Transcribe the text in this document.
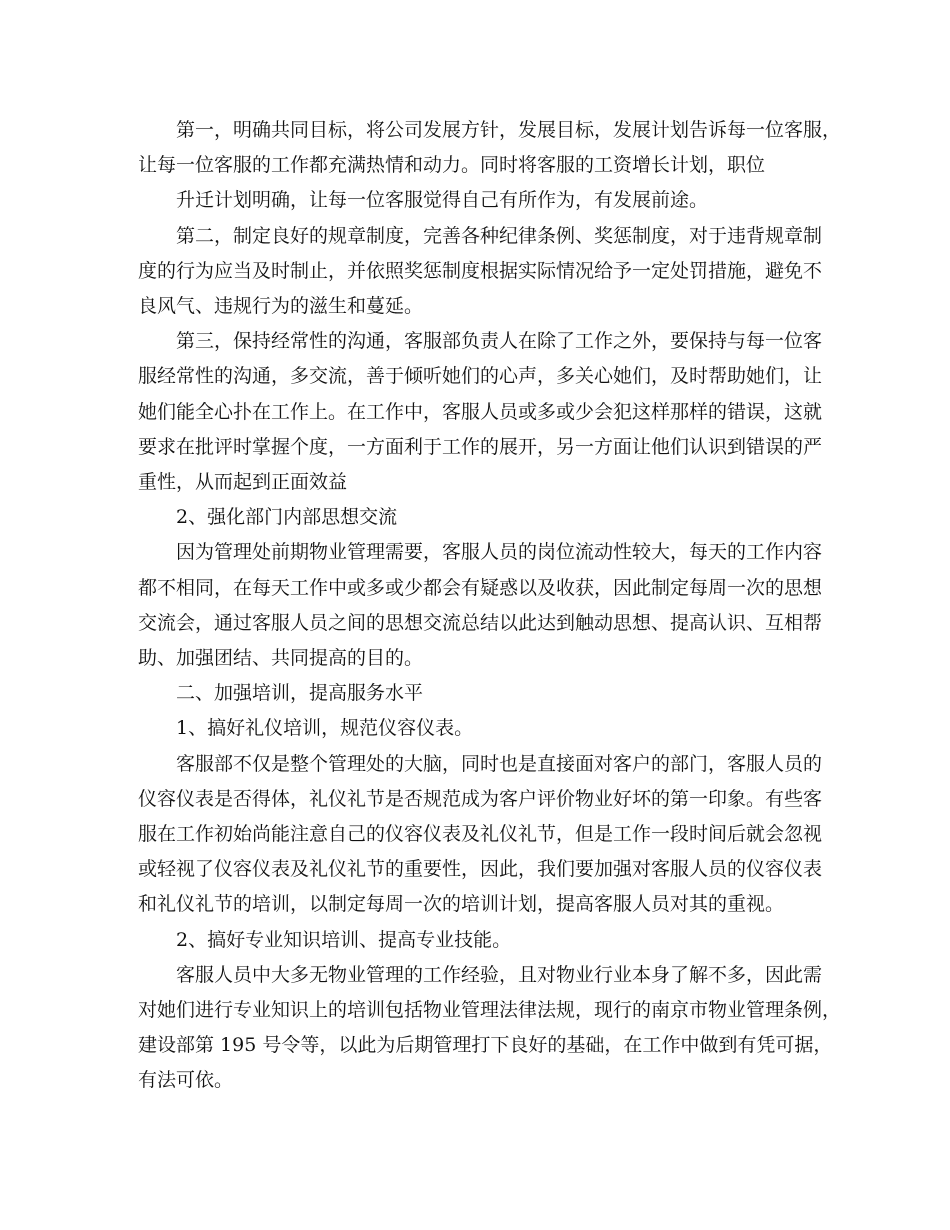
第一，明确共同目标，将公司发展方针，发展目标，发展计划告诉每一位客服，
让每一位客服的工作都充满热情和动力。同时将客服的工资增长计划，职位
升迁计划明确，让每一位客服觉得自己有所作为，有发展前途。
第二，制定良好的规章制度，完善各种纪律条例、奖惩制度，对于违背规章制
度的行为应当及时制止，并依照奖惩制度根据实际情况给予一定处罚措施，避免不
良风气、违规行为的滋生和蔓延。
第三，保持经常性的沟通，客服部负责人在除了工作之外，要保持与每一位客
服经常性的沟通，多交流，善于倾听她们的心声，多关心她们，及时帮助她们，让
她们能全心扑在工作上。在工作中，客服人员或多或少会犯这样那样的错误，这就
要求在批评时掌握个度，一方面利于工作的展开，另一方面让他们认识到错误的严
重性，从而起到正面效益
2、强化部门内部思想交流
因为管理处前期物业管理需要，客服人员的岗位流动性较大，每天的工作内容
都不相同，在每天工作中或多或少都会有疑惑以及收获，因此制定每周一次的思想
交流会，通过客服人员之间的思想交流总结以此达到触动思想、提高认识、互相帮
助、加强团结、共同提高的目的。
二、加强培训，提高服务水平
1、搞好礼仪培训，规范仪容仪表。
客服部不仅是整个管理处的大脑，同时也是直接面对客户的部门，客服人员的
仪容仪表是否得体，礼仪礼节是否规范成为客户评价物业好坏的第一印象。有些客
服在工作初始尚能注意自己的仪容仪表及礼仪礼节，但是工作一段时间后就会忽视
或轻视了仪容仪表及礼仪礼节的重要性，因此，我们要加强对客服人员的仪容仪表
和礼仪礼节的培训，以制定每周一次的培训计划，提高客服人员对其的重视。
2、搞好专业知识培训、提高专业技能。
客服人员中大多无物业管理的工作经验，且对物业行业本身了解不多，因此需
对她们进行专业知识上的培训包括物业管理法律法规，现行的南京市物业管理条例，
建设部第 195 号令等，以此为后期管理打下良好的基础，在工作中做到有凭可据，
有法可依。
